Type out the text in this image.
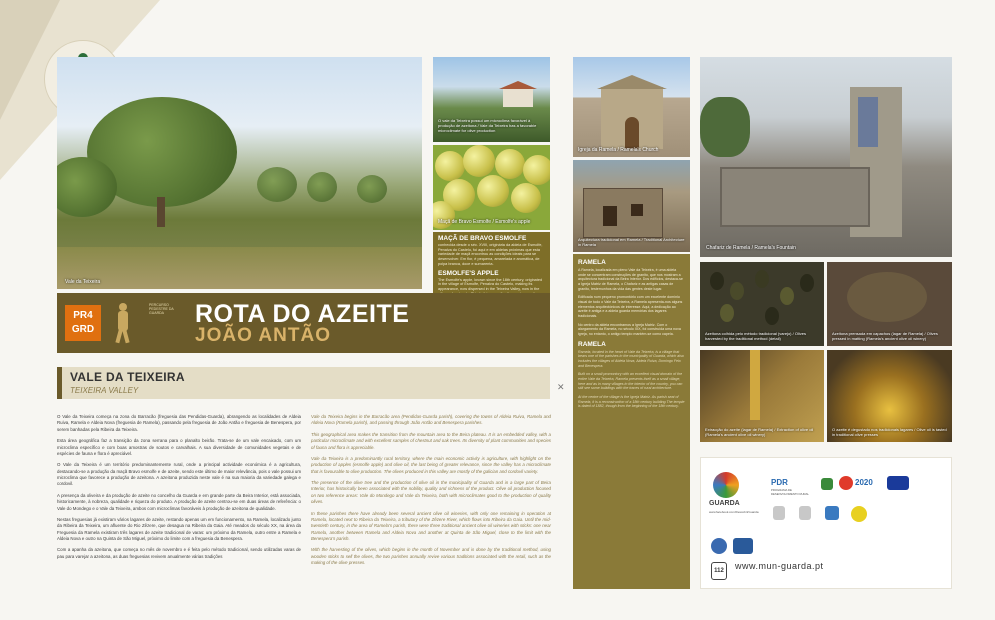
Vale da Teixeira
O vale da Teixeira possui um microclima favorável à produção de azeitona / Vale da Teixeira has a favorable microclimate for olive production
Maçã de Bravo Esmolfe / Esmolfe's apple
MAÇÃ DE BRAVO ESMOLFE

conhecida desde o séc. XVIII, originária da aldeia de Esmolfe, Penalva do Castelo, foi aqui e em aldeias próximas que esta variedade de maçã encontrou as condições ideais para se desenvolver. Em flor, é pequena, amarelada e aromática, de polpa branca, doce e sumarenta.

ESMOLFE'S APPLE

The Esmolfe's apple, known since the 18th century, originated in the village of Esmolfe, Penalva do Castelo, making its appearance, now dispersed in the Teixeira Valley, now in the

Igreja da Ramela / Ramela's Church
Arquitectura tradicional em Ramela / Traditional Architecture in Ramela
Chafariz de Ramela / Ramela's Fountain
Azeitona colhida pelo método tradicional (varejo) / Olives harvested by the traditional method (detail)
Azeitona prensada em capachos (lagar de Ramela) / Olives pressed in matting (Ramela's ancient olive oil winery)
Extracção do azeite (lagar de Ramela) / Extraction of olive oil (Ramela's ancient olive oil winery)
O azeite é degustado nos tradicionais lagares / Olive oil is tasted in traditional olive presses
RAMELA

A Ramela, localizada em pleno Vale da Teixeira, é uma aldeia onde se concentram construções de granito, que nos mostram a arquitectura tradicional da Beira Interior. Dos edifícios, destaca-se a Igreja Matriz de Ramela, o Chafariz e as antigas casas de granito, testemunhos da vida das gentes deste lugar.

Edificada num pequeno promontório com um excelente domínio visual de todo o Vale da Teixeira, a Ramela apresenta-nos alguns elementos arquitectónicos de interesse. Aqui, a dedicação ao azeite é antiga e a aldeia guarda memórias dos lagares tradicionais.

No centro da aldeia encontramos a Igreja Matriz. Com o alargamento da Ramela, no século XIX, foi construída uma nova igreja, no entanto, o antigo templo mantém-se como capela.

RAMELA

Ramela, located in the heart of Vale da Teixeira, is a village that bears one of the parishes in the municipality of Guarda, which also includes the villages of Aldeia Nova, Aldeia Ruiva, Domingo Feio and Benespera.

Built on a small promontory with an excellent visual domain of the entire Vale da Teixeira, Ramela presents itself as a small village, here and as in many villages in the interior of the country, you can still see some buildings with the traces of rural architecture.

At the centre of the village is the Igreja Matriz. As parish seat of Ramela, it is a reconstruction of a 18th century building.The temple is dated of 1882, though from the beginning of the 18th century.

PR4
GRD
PERCURSO PEDESTRE DA GUARDA	ROTA DO AZEITE
JOÃO ANTÃO
VALE DA TEIXEIRA
TEIXEIRA VALLEY	✕

O Vale da Teixeira começa na zona do Barracão (freguesia das Pendidas-Guarda), abrangendo as localidades de Aldeia Ruiva, Ramela e Aldeia Nova (freguesia de Ramela), passando pela freguesia de João Antão e freguesia de Benespera, por serem banhadas pela Ribeira da Teixeira.

Esta área geográfica faz a transição da zona serrana para o planalto beirão. Trata-se de um vale encaixado, com um microclima específico e com boas amostras de soutos e carvalhais. A sua diversidade de comunidades vegetais e de espécies de fauna e flora é apreciável.

O Vale da Teixeira é um território predominantemente rural, onde a principal actividade económica é a agricultura, destacando-se a produção da maçã Bravo esmolfe e de azeite, sendo este último de maior relevância, pois o vale possui um microclima que favorece a produção de azeitona. A azeitona produzida neste vale é na sua maioria da variedade galega e cordovil.

A presença da oliveira e da produção de azeite no concelho da Guarda e em grande parte da Beira Interior, está associada, historicamente, à nobreza, qualidade e riqueza do produto. A produção de azeite centrou-se em duas áreas de referência: o Vale do Mondego e o Vale da Teixeira, ambos com microclimas favoráveis à produção de azeitona de qualidade.

Nestas freguesias já existiram vários lagares de azeite, restando apenas um em funcionamento, na Ramela, localizado junto da Ribeira da Teixeira, um afluente do Rio Zêzere, que desagua na Ribeira da Gaia. Até meados do século XX, na área da Freguesia da Ramela existiram três lagares de azeite tradicional de varas: um próximo da Ramela, outro entre a Ramela e Aldeia Nova e outro na Quinta de São Miguel, próximo do limite com a freguesia da Benespera.

Com a apanha da azeitona, que começa no mês de novembro e é feita pelo método tradicional, sendo utilizadas varas de pau para varejar a azeitona, as duas freguesias revivem anualmente várias tradições

Vale da Teixeira begins in the Barracão area (Pendidas-Guarda parish), covering the towns of Aldeia Ruiva, Ramela and Aldeia Nova (Ramela parish), and passing through João Antão and Benespera parishes.

This geographical area makes the transition from the mountain area to the Beira plateau. It is an embedded valley, with a particular microclimate and with excellent samples of chestnut and oak trees. Its diversity of plant communities and species of fauna and flora is appreciable.

Vale da Teixeira is a predominantly rural territory, where the main economic activity is agriculture, with highlight on the production of apples (esmolfe apple) and olive oil, the last being of greater relevance, since the valley has a microclimate that is favourable to olive production. The olives produced in this valley are mostly of the galician and cordovil variety.

The presence of the olive tree and the production of olive oil in the municipality of Guarda and in a large part of Beira Interior, has historically been associated with the nobility, quality and richness of the product. Olive oil production focused on two reference areas: Vale do Mondego and Vale da Teixeira, both with microclimates good to the production of quality olives.

In these parishes there have already been several ancient olive oil wineries, with only one remaining in operation at Ramela, located next to Ribeira da Teixeira, a tributary of the Zêzere River, which flows into Ribeira da Gaia. Until the mid-twentieth century, in the area of Ramela's parish, there were three traditional ancient olive oil wineries with sticks: one near Ramela, another between Ramela and Aldeia Nova and another at Quinta de São Miguel, close to the limit with the Benespera's parish.

With the harvesting of the olives, which begins in the month of November and is done by the traditional method, using wooden sticks to sell the olives, the two parishes annually revive various traditions associated with the retail, such as the making of the olive presses.

GUARDA
www.facebook.com/DescobrirGuarda
PDR
PROGRAMA DE DESENVOLVIMENTO RURAL
2020
112	www.mun-guarda.pt
